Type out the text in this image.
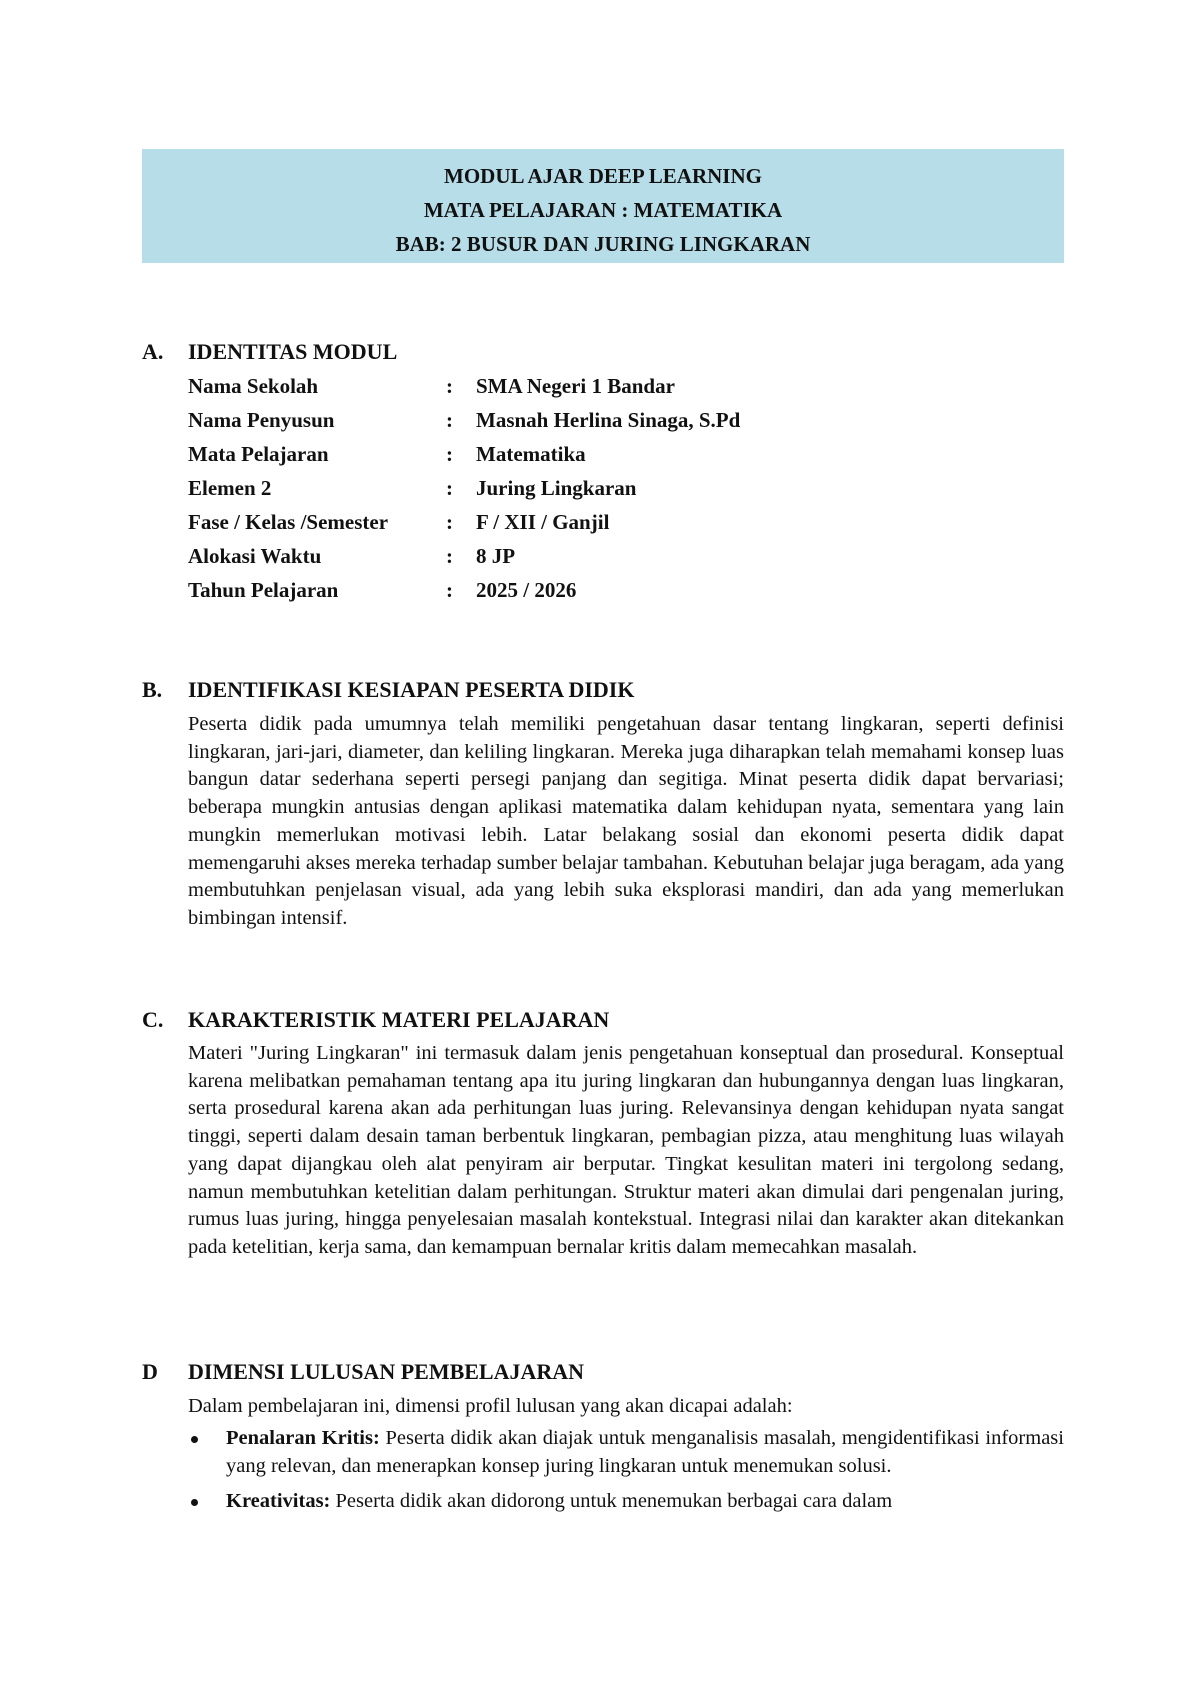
MODUL AJAR DEEP LEARNING
MATA PELAJARAN : MATEMATIKA
BAB: 2 BUSUR DAN JURING LINGKARAN
A. IDENTITAS MODUL
Nama Sekolah	: SMA Negeri 1 Bandar
Nama Penyusun	: Masnah Herlina Sinaga, S.Pd
Mata Pelajaran	: Matematika
Elemen 2	: Juring Lingkaran
Fase / Kelas /Semester	: F / XII / Ganjil
Alokasi Waktu	: 8 JP
Tahun Pelajaran	: 2025 / 2026
B. IDENTIFIKASI KESIAPAN PESERTA DIDIK
Peserta didik pada umumnya telah memiliki pengetahuan dasar tentang lingkaran, seperti definisi lingkaran, jari-jari, diameter, dan keliling lingkaran. Mereka juga diharapkan telah memahami konsep luas bangun datar sederhana seperti persegi panjang dan segitiga. Minat peserta didik dapat bervariasi; beberapa mungkin antusias dengan aplikasi matematika dalam kehidupan nyata, sementara yang lain mungkin memerlukan motivasi lebih. Latar belakang sosial dan ekonomi peserta didik dapat memengaruhi akses mereka terhadap sumber belajar tambahan. Kebutuhan belajar juga beragam, ada yang membutuhkan penjelasan visual, ada yang lebih suka eksplorasi mandiri, dan ada yang memerlukan bimbingan intensif.
C. KARAKTERISTIK MATERI PELAJARAN
Materi "Juring Lingkaran" ini termasuk dalam jenis pengetahuan konseptual dan prosedural. Konseptual karena melibatkan pemahaman tentang apa itu juring lingkaran dan hubungannya dengan luas lingkaran, serta prosedural karena akan ada perhitungan luas juring. Relevansinya dengan kehidupan nyata sangat tinggi, seperti dalam desain taman berbentuk lingkaran, pembagian pizza, atau menghitung luas wilayah yang dapat dijangkau oleh alat penyiram air berputar. Tingkat kesulitan materi ini tergolong sedang, namun membutuhkan ketelitian dalam perhitungan. Struktur materi akan dimulai dari pengenalan juring, rumus luas juring, hingga penyelesaian masalah kontekstual. Integrasi nilai dan karakter akan ditekankan pada ketelitian, kerja sama, dan kemampuan bernalar kritis dalam memecahkan masalah.
D DIMENSI LULUSAN PEMBELAJARAN
Dalam pembelajaran ini, dimensi profil lulusan yang akan dicapai adalah:
Penalaran Kritis: Peserta didik akan diajak untuk menganalisis masalah, mengidentifikasi informasi yang relevan, dan menerapkan konsep juring lingkaran untuk menemukan solusi.
Kreativitas: Peserta didik akan didorong untuk menemukan berbagai cara dalam
